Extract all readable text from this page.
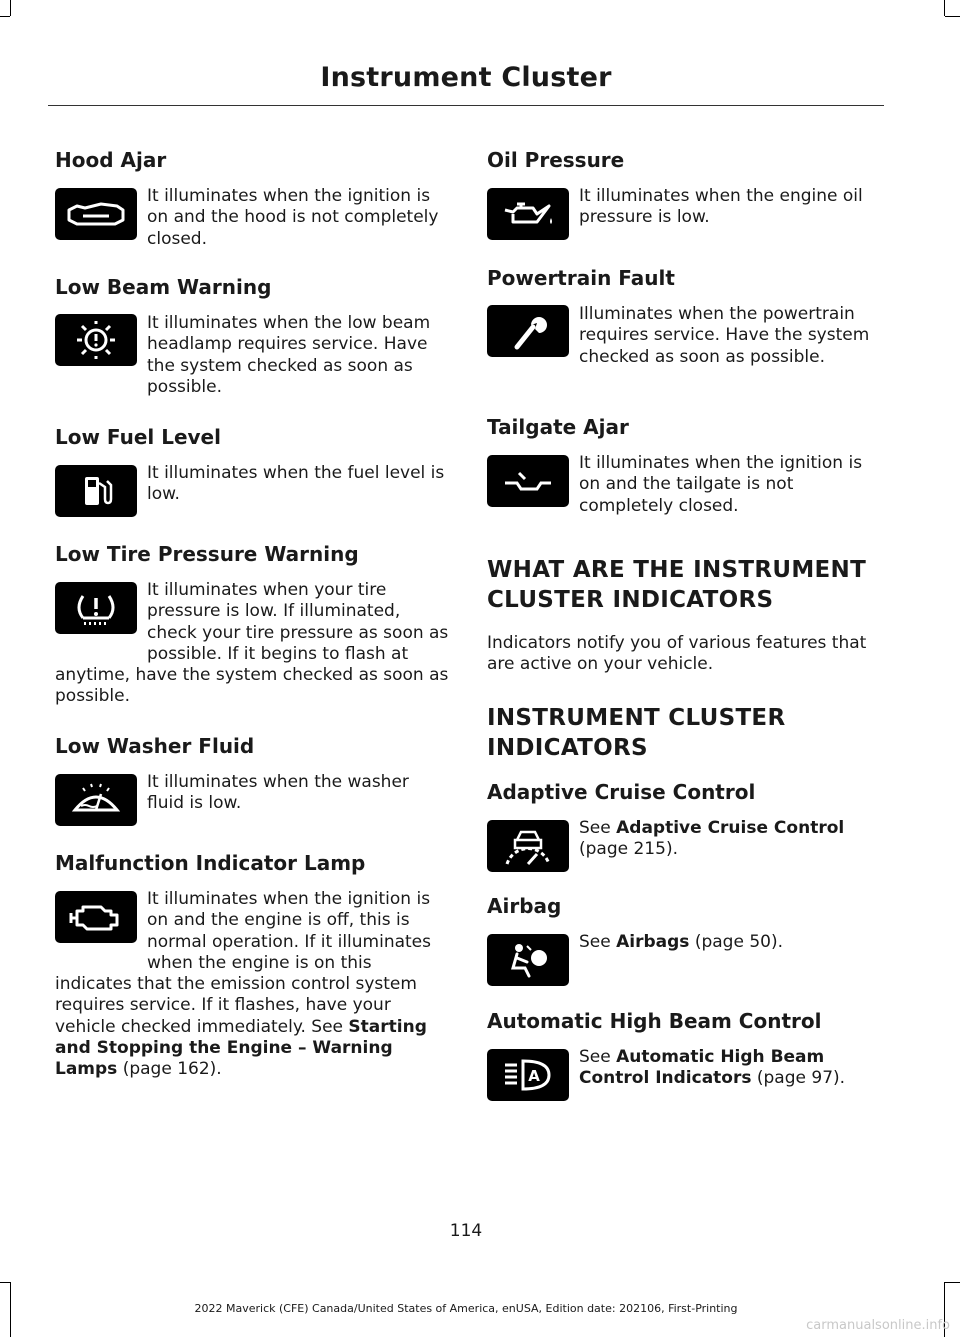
Instrument Cluster
Hood Ajar
It illuminates when the ignition is on and the hood is not completely closed.
Low Beam Warning
It illuminates when the low beam headlamp requires service. Have the system checked as soon as possible.
Low Fuel Level
It illuminates when the fuel level is low.
Low Tire Pressure Warning
It illuminates when your tire pressure is low. If illuminated, check your tire pressure as soon as possible. If it begins to flash at anytime, have the system checked as soon as possible.
Low Washer Fluid
It illuminates when the washer fluid is low.
Malfunction Indicator Lamp
It illuminates when the ignition is on and the engine is off, this is normal operation. If it illuminates when the engine is on this indicates that the emission control system requires service. If it flashes, have your vehicle checked immediately. See Starting and Stopping the Engine – Warning Lamps (page 162).
Oil Pressure
It illuminates when the engine oil pressure is low.
Powertrain Fault
Illuminates when the powertrain requires service. Have the system checked as soon as possible.
Tailgate Ajar
It illuminates when the ignition is on and the tailgate is not completely closed.
WHAT ARE THE INSTRUMENT
CLUSTER INDICATORS

Indicators notify you of various features that are active on your vehicle.

INSTRUMENT CLUSTER
INDICATORS
Adaptive Cruise Control
See Adaptive Cruise Control (page 215).
Airbag
See Airbags (page 50).
Automatic High Beam Control
A
See Automatic High Beam Control Indicators (page 97).
114
2022 Maverick (CFE) Canada/United States of America, enUSA, Edition date: 202106, First-Printing
carmanualsonline.info
